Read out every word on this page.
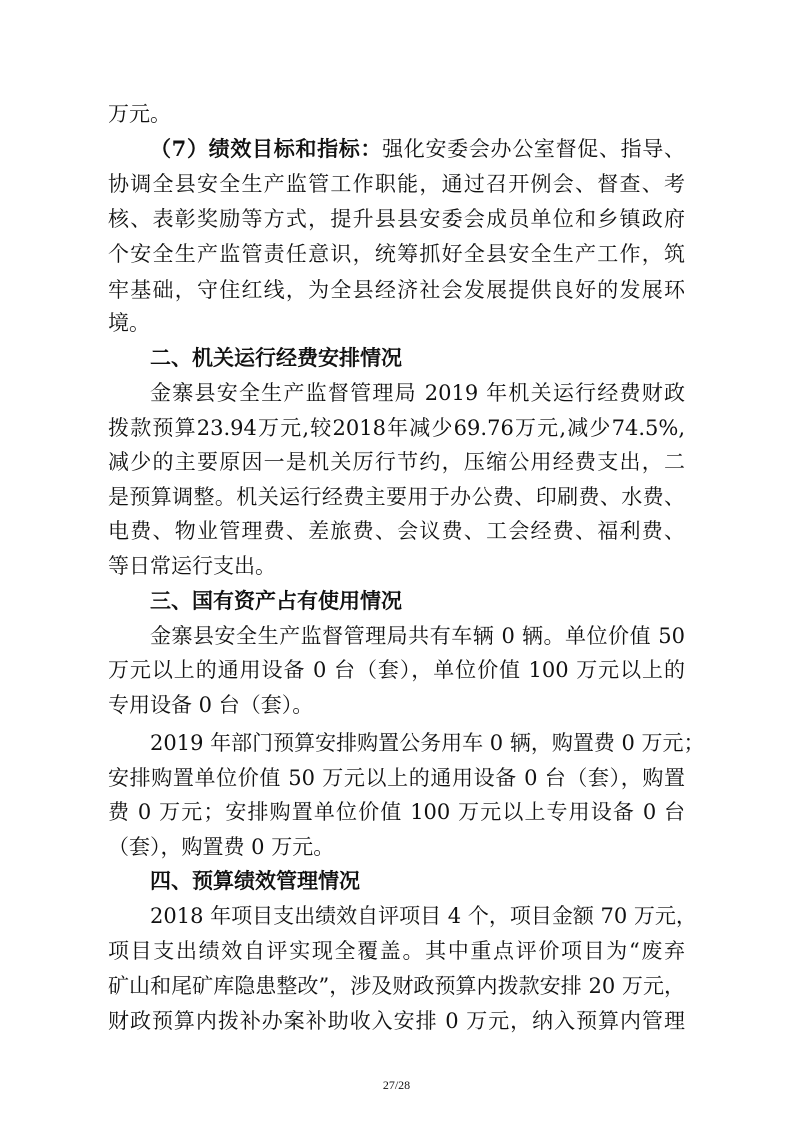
万元。

（7）绩效目标和指标：强化安委会办公室督促、指导、

协调全县安全生产监管工作职能，通过召开例会、督查、考

核、表彰奖励等方式，提升县县安委会成员单位和乡镇政府

个安全生产监管责任意识，统筹抓好全县安全生产工作，筑

牢基础，守住红线，为全县经济社会发展提供良好的发展环

境。

二、机关运行经费安排情况

金寨县安全生产监督管理局 2019 年机关运行经费财政

拨款预算23.94万元,较2018年减少69.76万元,减少74.5%,

减少的主要原因一是机关厉行节约，压缩公用经费支出，二

是预算调整。机关运行经费主要用于办公费、印刷费、水费、

电费、物业管理费、差旅费、会议费、工会经费、福利费、

等日常运行支出。

三、国有资产占有使用情况

金寨县安全生产监督管理局共有车辆 0 辆。单位价值 50

万元以上的通用设备 0 台（套），单位价值 100 万元以上的

专用设备 0 台（套）。

2019 年部门预算安排购置公务用车 0 辆，购置费 0 万元；

安排购置单位价值 50 万元以上的通用设备 0 台（套），购置

费 0 万元；安排购置单位价值 100 万元以上专用设备 0 台

（套），购置费 0 万元。

四、预算绩效管理情况

2018 年项目支出绩效自评项目 4 个，项目金额 70 万元，

项目支出绩效自评实现全覆盖。其中重点评价项目为“废弃

矿山和尾矿库隐患整改”，涉及财政预算内拨款安排 20 万元，

财政预算内拨补办案补助收入安排 0 万元，纳入预算内管理

27/28
